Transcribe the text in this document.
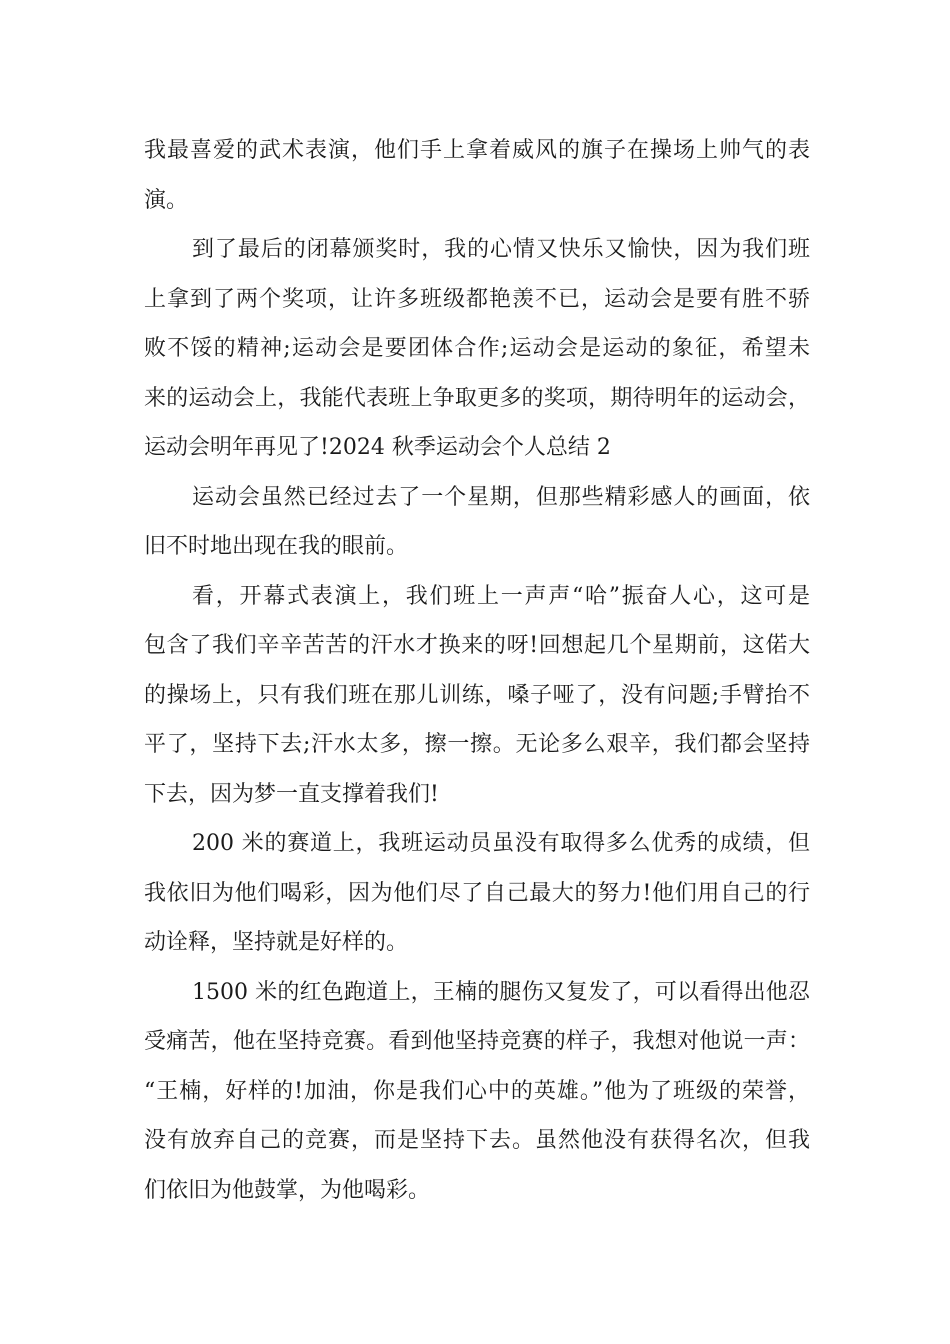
我最喜爱的武术表演，他们手上拿着威风的旗子在操场上帅气的表
演。

到了最后的闭幕颁奖时，我的心情又快乐又愉快，因为我们班
上拿到了两个奖项，让许多班级都艳羡不已，运动会是要有胜不骄
败不馁的精神;运动会是要团体合作;运动会是运动的象征，希望未
来的运动会上，我能代表班上争取更多的奖项，期待明年的运动会，
运动会明年再见了!2024 秋季运动会个人总结 2

运动会虽然已经过去了一个星期，但那些精彩感人的画面，依
旧不时地出现在我的眼前。

看，开幕式表演上，我们班上一声声“哈”振奋人心，这可是
包含了我们辛辛苦苦的汗水才换来的呀!回想起几个星期前，这偌大
的操场上，只有我们班在那儿训练，嗓子哑了，没有问题;手臂抬不
平了，坚持下去;汗水太多，擦一擦。无论多么艰辛，我们都会坚持
下去，因为梦一直支撑着我们!

200 米的赛道上，我班运动员虽没有取得多么优秀的成绩，但
我依旧为他们喝彩，因为他们尽了自己最大的努力!他们用自己的行
动诠释，坚持就是好样的。

1500 米的红色跑道上，王楠的腿伤又复发了，可以看得出他忍
受痛苦，他在坚持竞赛。看到他坚持竞赛的样子，我想对他说一声：
“王楠，好样的!加油，你是我们心中的英雄。”他为了班级的荣誉，
没有放弃自己的竞赛，而是坚持下去。虽然他没有获得名次，但我
们依旧为他鼓掌，为他喝彩。
